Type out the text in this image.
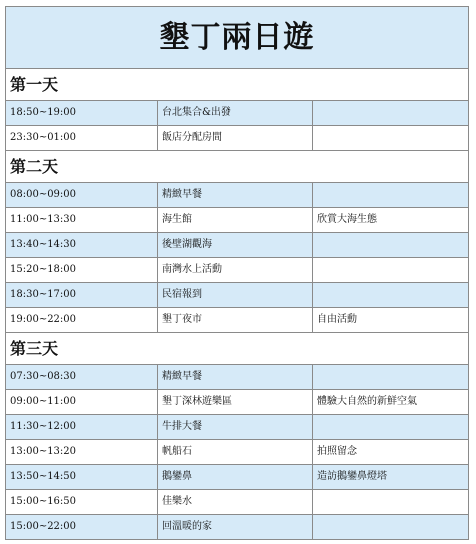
墾丁兩日遊		
第一天		
18:50~19:00	台北集合&出發	
23:30~01:00	飯店分配房間	
第二天		
08:00~09:00	精緻早餐	
11:00~13:30	海生館	欣賞大海生態
13:40~14:30	後壁湖觀海	
15:20~18:00	南灣水上活動	
18:30~17:00	民宿報到	
19:00~22:00	墾丁夜市	自由活動
第三天		
07:30~08:30	精緻早餐	
09:00~11:00	墾丁深林遊樂區	體驗大自然的新鮮空氣
11:30~12:00	牛排大餐	
13:00~13:20	帆船石	拍照留念
13:50~14:50	鵝鑾鼻	造訪鵝鑾鼻燈塔
15:00~16:50	佳樂水	
15:00~22:00	回溫暖的家	
